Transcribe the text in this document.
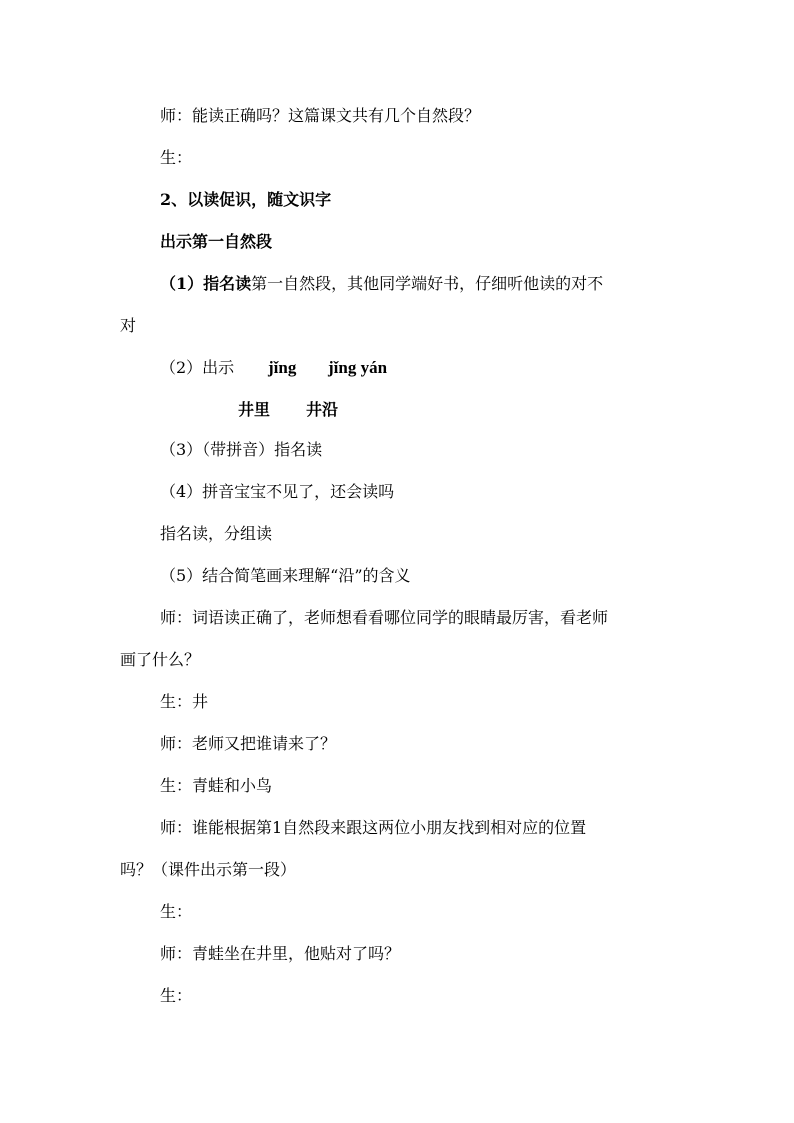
师：能读正确吗？这篇课文共有几个自然段？
生：
2、以读促识，随文识字
出示第一自然段
（1）指名读第一自然段，其他同学端好书，仔细听他读的对不
对
（2）出示 jǐng jǐng yán
井里 井沿
（3）（带拼音）指名读
（4）拼音宝宝不见了，还会读吗
指名读，分组读
（5）结合简笔画来理解“沿”的含义
师：词语读正确了，老师想看看哪位同学的眼睛最厉害，看老师
画了什么？
生：井
师：老师又把谁请来了？
生：青蛙和小鸟
师：谁能根据第1自然段来跟这两位小朋友找到相对应的位置
吗？（课件出示第一段）
生：
师：青蛙坐在井里，他贴对了吗？
生：
